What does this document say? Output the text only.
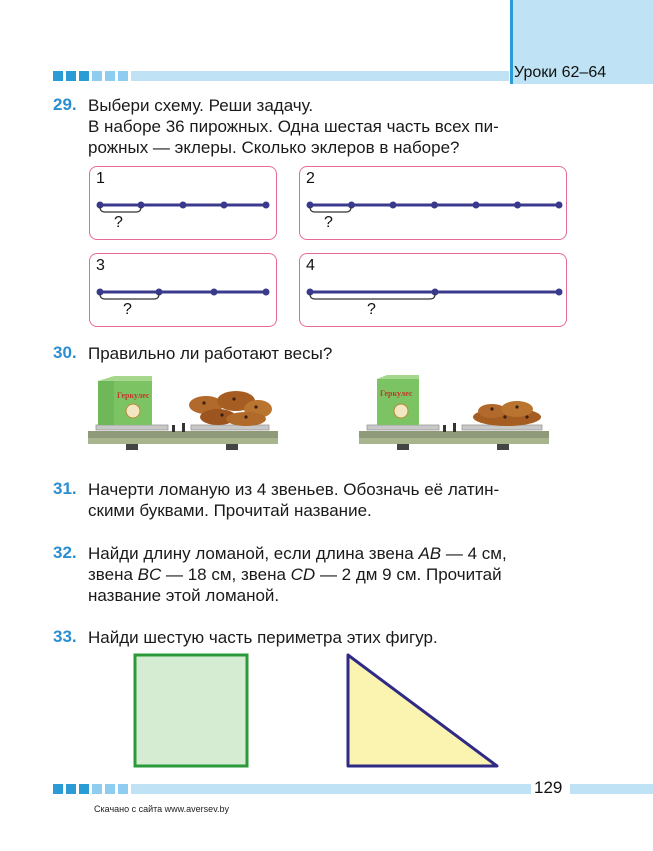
Уроки 62–64
29. Выбери схему. Реши задачу.
В наборе 36 пирожных. Одна шестая часть всех пи-
рожных — эклеры. Сколько эклеров в наборе?
1
?
2
?
3
?
4
?
30. Правильно ли работают весы?
Геркулес	Геркулес
31. Начерти ломаную из 4 звеньев. Обозначь её латин-
скими буквами. Прочитай название.
32. Найди длину ломаной, если длина звена AB — 4 см,
звена BC — 18 см, звена CD — 2 дм 9 см. Прочитай
название этой ломаной.
33. Найди шестую часть периметра этих фигур.
129
Скачано с сайта www.aversev.by
